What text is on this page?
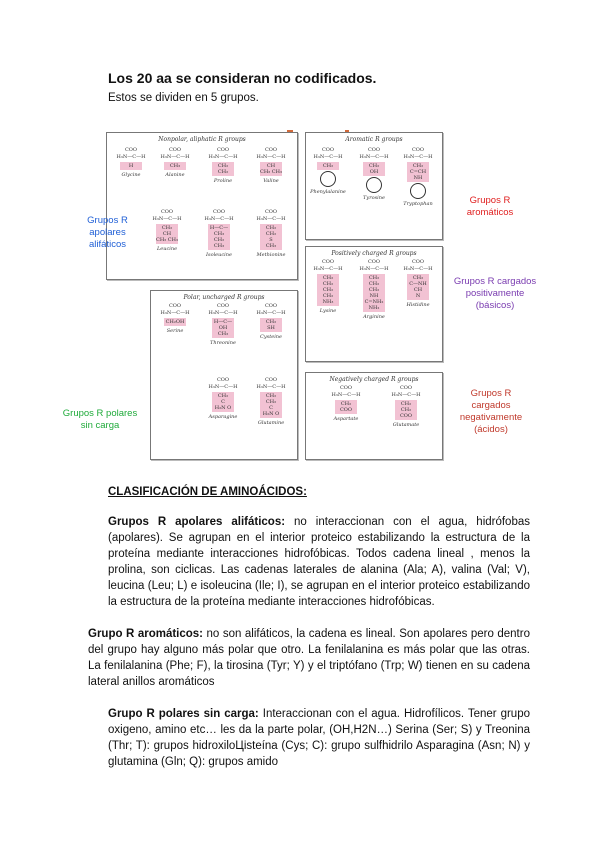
Los 20 aa se consideran no codificados.
Estos se dividen en 5 grupos.
Nonpolar, aliphatic R groups
COO
H₃N—C—H
H
Glycine
COO
H₃N—C—H
CH₃
Alanine
COO
H₃N—C—H
CH₂
CH₂
Proline
COO
H₃N—C—H
CH
CH₃ CH₃
Valine
COO
H₃N—C—H
CH₂
CH
CH₃ CH₃
Leucine
COO
H₃N—C—H
H—C—CH₃
CH₂
CH₃
Isoleucine
COO
H₃N—C—H
CH₂
CH₂
S
CH₃
Methionine
Aromatic R groups
COO
H₃N—C—H
CH₂
Phenylalanine
COO
H₃N—C—H
CH₂
OH
Tyrosine
COO
H₃N—C—H
CH₂
C=CH
NH
Tryptophan
Positively charged R groups
COO
H₃N—C—H
CH₂
CH₂
CH₂
CH₂
NH₃
Lysine
COO
H₃N—C—H
CH₂
CH₂
CH₂
NH
C=NH₂
NH₂
Arginine
COO
H₃N—C—H
CH₂
C—NH
CH
N
Histidine
Polar, uncharged R groups
COO
H₃N—C—H
CH₂OH
Serine
COO
H₃N—C—H
H—C—OH
CH₃
Threonine
COO
H₃N—C—H
CH₂
SH
Cysteine
COO
H₃N—C—H
CH₂
C
H₂N O
Asparagine
COO
H₃N—C—H
CH₂
CH₂
C
H₂N O
Glutamine
Negatively charged R groups
COO
H₃N—C—H
CH₂
COO
Aspartate
COO
H₃N—C—H
CH₂
CH₂
COO
Glutamate
Grupos R apolares alifáticos
Grupos R aromáticos
Grupos R cargados positivamente (básicos)
Grupos R polares sin carga
Grupos R cargados negativamente (ácidos)
CLASIFICACIÓN DE AMINOÁCIDOS:
Grupos R apolares alifáticos: no interaccionan con el agua, hidrófobas (apolares). Se agrupan en el interior proteico estabilizando la estructura de la proteína mediante interacciones hidrofóbicas. Todos cadena lineal , menos la prolina, son ciclicas. Las cadenas laterales de alanina (Ala; A), valina (Val; V), leucina (Leu; L) e isoleucina (Ile; I), se agrupan en el interior proteico estabilizando la estructura de la proteína mediante interacciones hidrofóbicas.
Grupo R aromáticos: no son alifáticos, la cadena es lineal. Son apolares pero dentro del grupo hay alguno más polar que otro. La fenilalanina es más polar que las otras. La fenilalanina (Phe; F), la tirosina (Tyr; Y) y el triptófano (Trp; W) tienen en su cadena lateral anillos aromáticos
Grupo R polares sin carga: Interaccionan con el agua. Hidrofílicos. Tener grupo oxigeno, amino etc… les da la parte polar, (OH,H2N…) Serina (Ser; S) y Treonina (Thr; T): grupos hidroxiloЦіsteína (Cys; C): grupo sulfhidrilo Asparagina (Asn; N) y glutamina (Gln; Q): grupos amido
